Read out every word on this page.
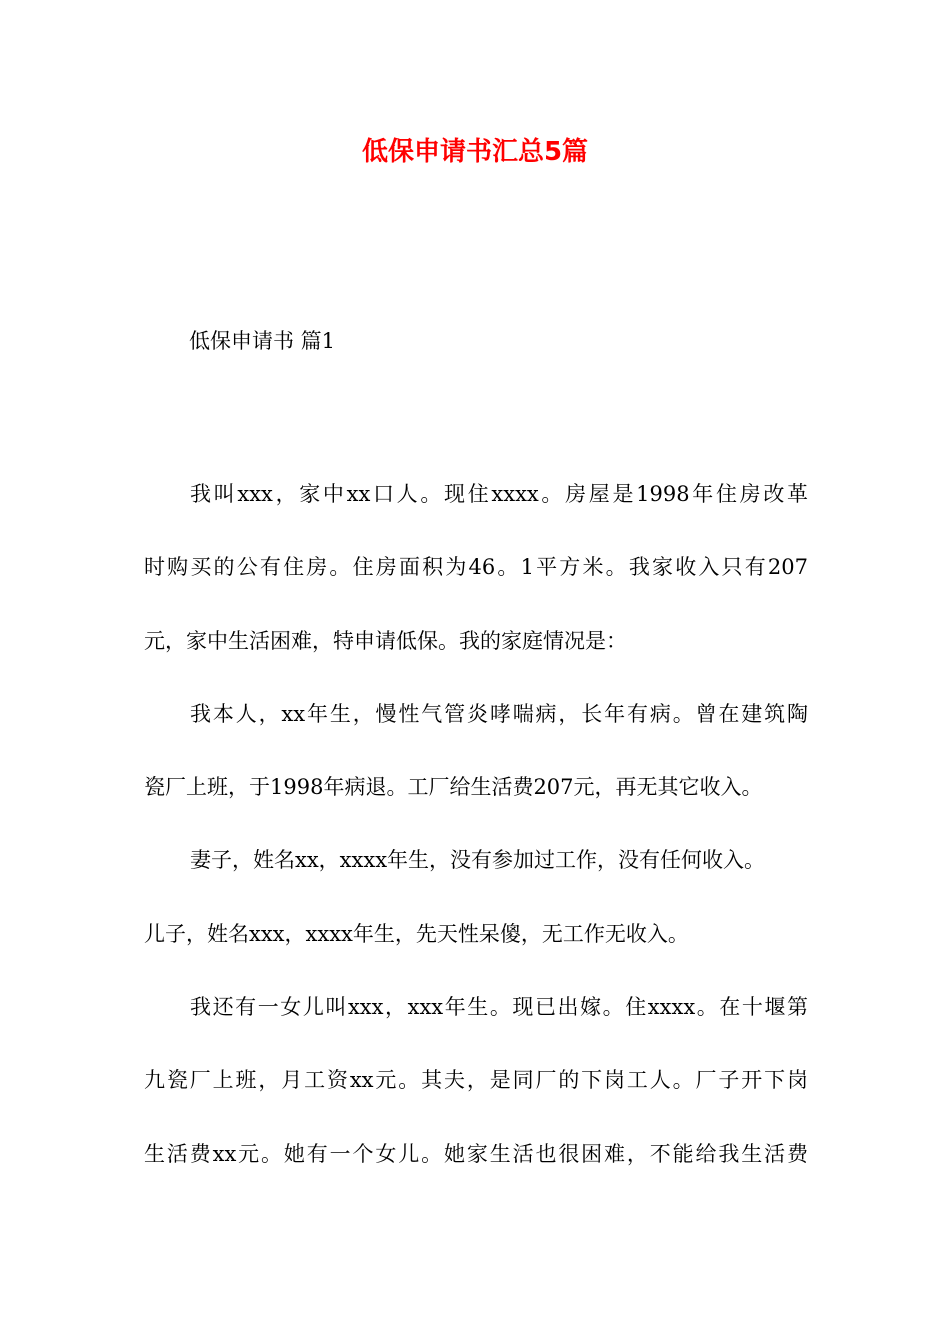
低保申请书汇总5篇

低保申请书 篇1

我叫xxx，家中xx口人。现住xxxx。房屋是1998年住房改革
时购买的公有住房。住房面积为46。1平方米。我家收入只有207
元，家中生活困难，特申请低保。我的家庭情况是：
我本人，xx年生，慢性气管炎哮喘病，长年有病。曾在建筑陶
瓷厂上班，于1998年病退。工厂给生活费207元，再无其它收入。
妻子，姓名xx，xxxx年生，没有参加过工作，没有任何收入。
儿子，姓名xxx，xxxx年生，先天性呆傻，无工作无收入。
我还有一女儿叫xxx，xxx年生。现已出嫁。住xxxx。在十堰第
九瓷厂上班，月工资xx元。其夫，是同厂的下岗工人。厂子开下岗
生活费xx元。她有一个女儿。她家生活也很困难，不能给我生活费
